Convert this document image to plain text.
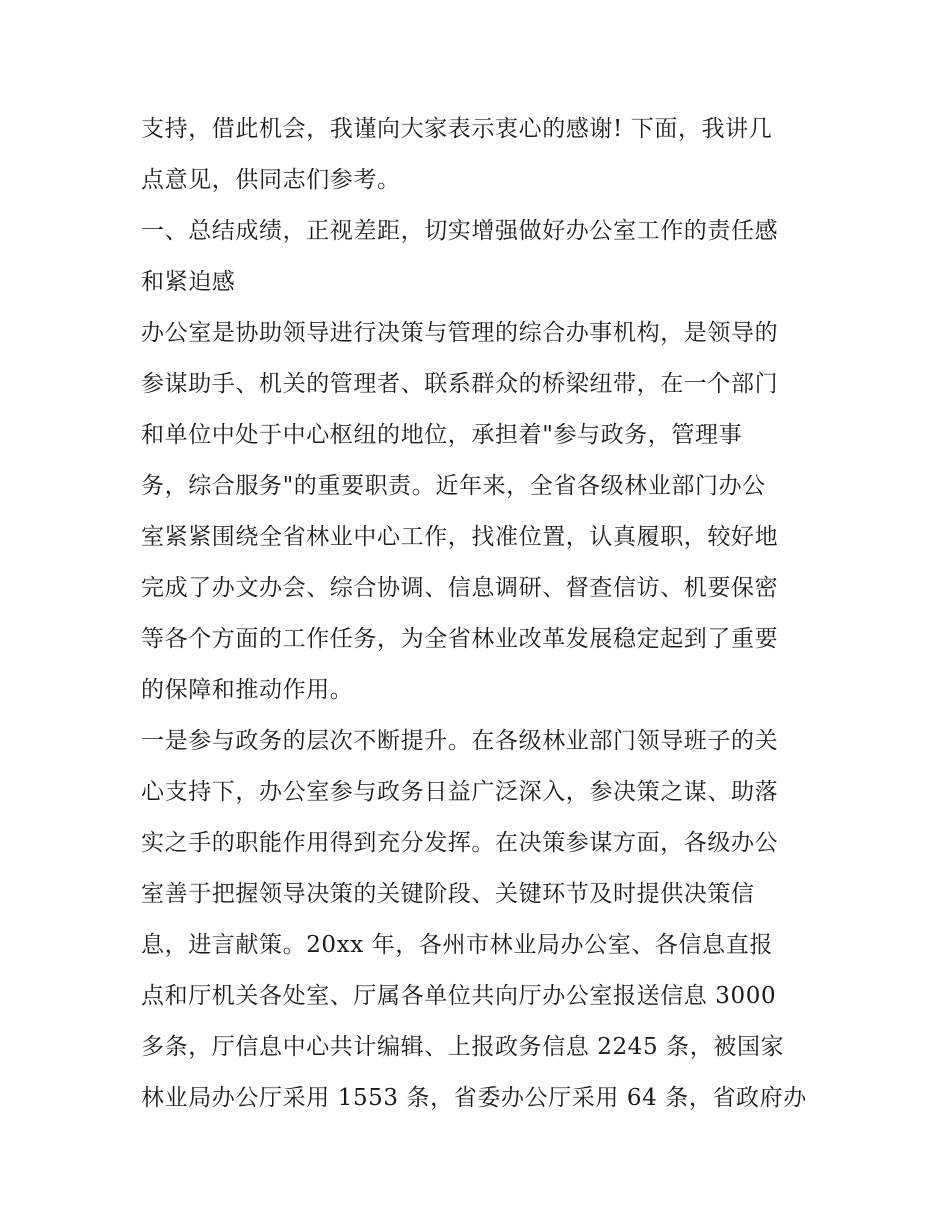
支持，借此机会，我谨向大家表示衷心的感谢! 下面，我讲几
点意见，供同志们参考。
一、总结成绩，正视差距，切实增强做好办公室工作的责任感
和紧迫感
办公室是协助领导进行决策与管理的综合办事机构，是领导的
参谋助手、机关的管理者、联系群众的桥梁纽带，在一个部门
和单位中处于中心枢纽的地位，承担着"参与政务，管理事
务，综合服务"的重要职责。近年来，全省各级林业部门办公
室紧紧围绕全省林业中心工作，找准位置，认真履职，较好地
完成了办文办会、综合协调、信息调研、督查信访、机要保密
等各个方面的工作任务，为全省林业改革发展稳定起到了重要
的保障和推动作用。
一是参与政务的层次不断提升。在各级林业部门领导班子的关
心支持下，办公室参与政务日益广泛深入，参决策之谋、助落
实之手的职能作用得到充分发挥。在决策参谋方面，各级办公
室善于把握领导决策的关键阶段、关键环节及时提供决策信
息，进言献策。20xx 年，各州市林业局办公室、各信息直报
点和厅机关各处室、厅属各单位共向厅办公室报送信息 3000
多条，厅信息中心共计编辑、上报政务信息 2245 条，被国家
林业局办公厅采用 1553 条，省委办公厅采用 64 条，省政府办
